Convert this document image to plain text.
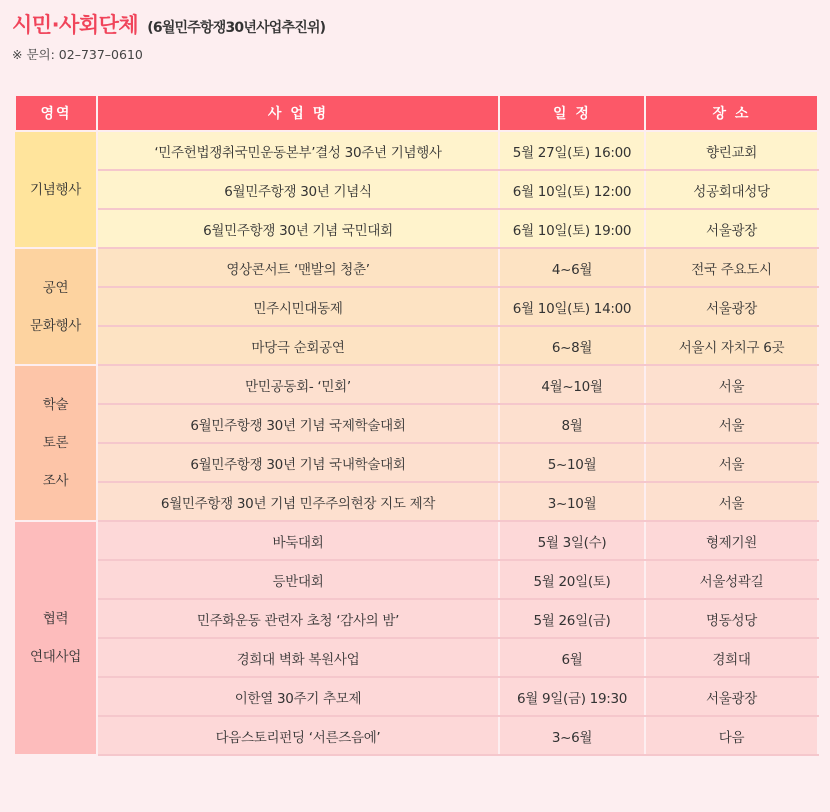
시민·사회단체 (6월민주항쟁30년사업추진위)
※ 문의: 02–737–0610
영역	사 업 명	일 정	장 소

기념행사	‘민주헌법쟁취국민운동본부’결성 30주년 기념행사	5월 27일(토) 16:00	향린교회
	6월민주항쟁 30년 기념식	6월 10일(토) 12:00	성공회대성당
	6월민주항쟁 30년 기념 국민대회	6월 10일(토) 19:00	서울광장

공연
문화행사	영상콘서트 ‘맨발의 청춘’	4~6월	전국 주요도시
	민주시민대동제	6월 10일(토) 14:00	서울광장
	마당극 순회공연	6~8월	서울시 자치구 6곳

학술
토론
조사	만민공동회- ‘민회’	4월~10월	서울
	6월민주항쟁 30년 기념 국제학술대회	8월	서울
	6월민주항쟁 30년 기념 국내학술대회	5~10월	서울
	6월민주항쟁 30년 기념 민주주의현장 지도 제작	3~10월	서울

협력
연대사업	바둑대회	5월 3일(수)	형제기원
	등반대회	5월 20일(토)	서울성곽길
	민주화운동 관련자 초청 ‘감사의 밤’	5월 26일(금)	명동성당
	경희대 벽화 복원사업	6월	경희대
	이한열 30주기 추모제	6월 9일(금) 19:30	서울광장
	다음스토리펀딩 ‘서른즈음에’	3~6월	다음
